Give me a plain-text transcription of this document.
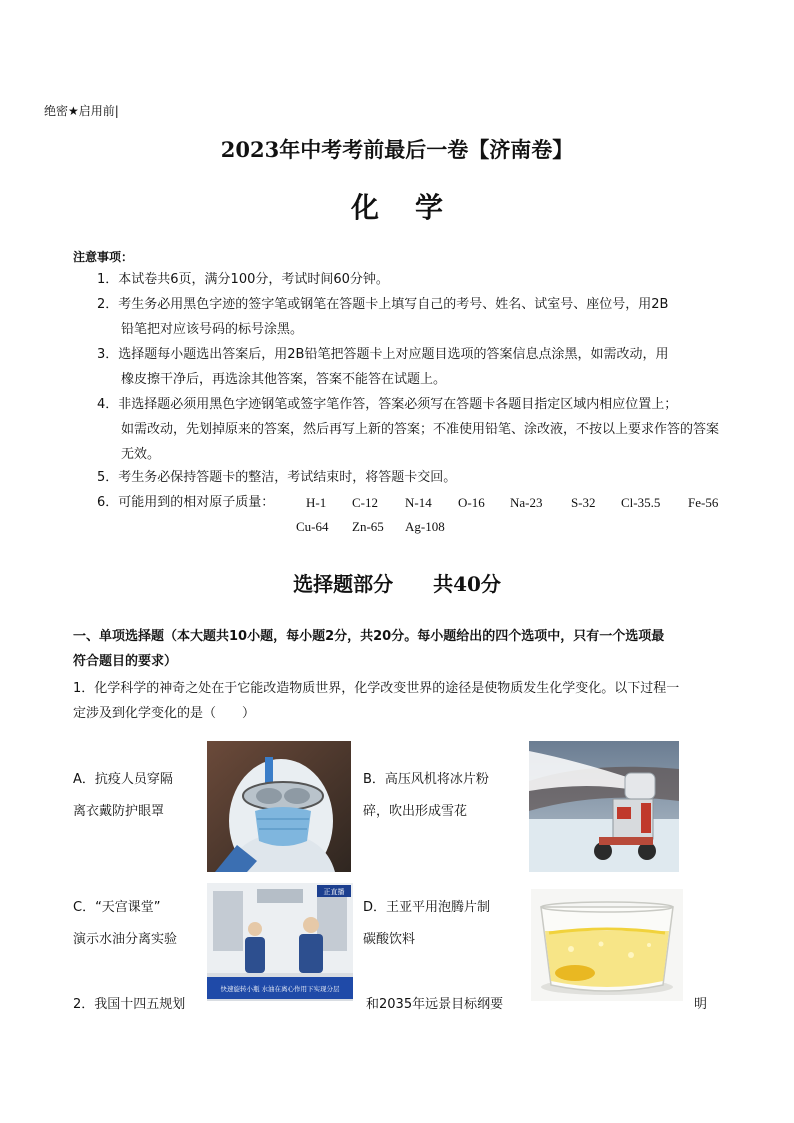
绝密★启用前|
2023年中考考前最后一卷【济南卷】
化学
注意事项：
1．本试卷共6页，满分100分，考试时间60分钟。
2．考生务必用黑色字迹的签字笔或钢笔在答题卡上填写自己的考号、姓名、试室号、座位号，用2B
铅笔把对应该号码的标号涂黑。
3．选择题每小题选出答案后，用2B铅笔把答题卡上对应题目选项的答案信息点涂黑，如需改动，用
橡皮擦干净后，再选涂其他答案，答案不能答在试题上。
4．非选择题必须用黑色字迹钢笔或签字笔作答，答案必须写在答题卡各题目指定区域内相应位置上；
如需改动，先划掉原来的答案，然后再写上新的答案；不准使用铅笔、涂改液，不按以上要求作答的答案无效。
5．考生务必保持答题卡的整洁，考试结束时，将答题卡交回。
6．可能用到的相对原子质量：	H-1 C-12 N-14 O-16 Na-23 S-32 Cl-35.5 Fe-56
Cu-64 Zn-65 Ag-108
选择题部分　　共40分
一、单项选择题（本大题共10小题，每小题2分，共20分。每小题给出的四个选项中，只有一个选项最
符合题目的要求）
1．化学科学的神奇之处在于它能改造物质世界，化学改变世界的途径是使物质发生化学变化。以下过程一
定涉及到化学变化的是（　　）
A．抗疫人员穿隔
离衣戴防护眼罩
B．高压风机将冰片粉
碎，吹出形成雪花
C．“天宫课堂”
演示水油分离实验
正直播
快速旋转小瓶 水油在离心作用下实现分层
D．王亚平用泡腾片制
碳酸饮料
2．我国十四五规划	和2035年远景目标纲要	明
